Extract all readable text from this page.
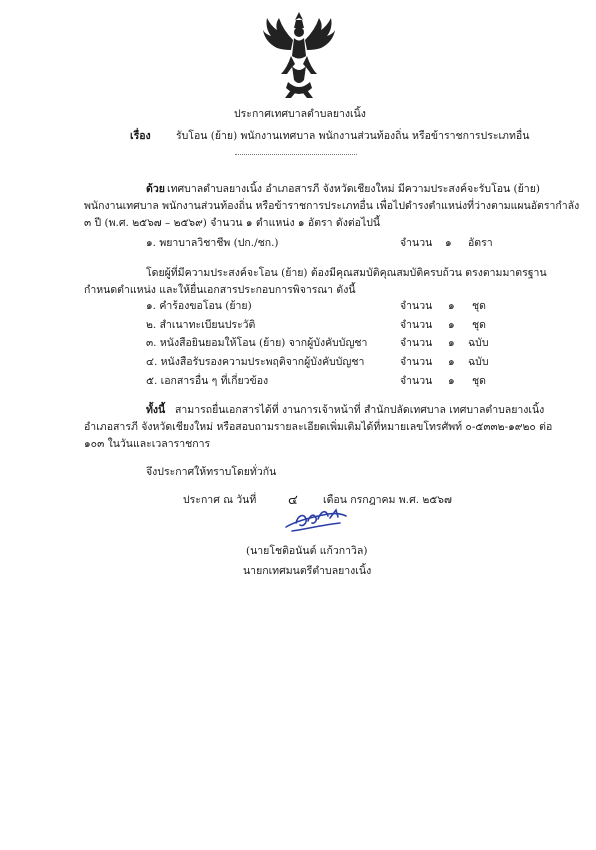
ประกาศเทศบาลตำบลยางเนิ้ง
เรื่อง รับโอน (ย้าย) พนักงานเทศบาล พนักงานส่วนท้องถิ่น หรือข้าราชการประเภทอื่น
ด้วย เทศบาลตำบลยางเนิ้ง อำเภอสารภี จังหวัดเชียงใหม่ มีความประสงค์จะรับโอน (ย้าย)
พนักงานเทศบาล พนักงานส่วนท้องถิ่น หรือข้าราชการประเภทอื่น เพื่อไปดำรงตำแหน่งที่ว่างตามแผนอัตรากำลัง
๓ ปี (พ.ศ. ๒๕๖๗ – ๒๕๖๙) จำนวน ๑ ตำแหน่ง ๑ อัตรา ดังต่อไปนี้
๑. พยาบาลวิชาชีพ (ปก./ชก.)	จำนวน ๑ อัตรา
โดยผู้ที่มีความประสงค์จะโอน (ย้าย) ต้องมีคุณสมบัติคุณสมบัติครบถ้วน ตรงตามมาตรฐาน
กำหนดตำแหน่ง และให้ยื่นเอกสารประกอบการพิจารณา ดังนี้
๑. คำร้องขอโอน (ย้าย)	จำนวน ๑ ชุด
๒. สำเนาทะเบียนประวัติ	จำนวน ๑ ชุด
๓. หนังสือยินยอมให้โอน (ย้าย) จากผู้บังคับบัญชา	จำนวน ๑ ฉบับ
๔. หนังสือรับรองความประพฤติจากผู้บังคับบัญชา	จำนวน ๑ ฉบับ
๕. เอกสารอื่น ๆ ที่เกี่ยวข้อง	จำนวน ๑ ชุด
ทั้งนี้ สามารถยื่นเอกสารได้ที่ งานการเจ้าหน้าที่ สำนักปลัดเทศบาล เทศบาลตำบลยางเนิ้ง
อำเภอสารภี จังหวัดเชียงใหม่ หรือสอบถามรายละเอียดเพิ่มเติมได้ที่หมายเลขโทรศัพท์ ๐-๕๓๓๒-๑๙๒๐ ต่อ
๑๐๓ ในวันและเวลาราชการ
จึงประกาศให้ทราบโดยทั่วกัน
ประกาศ ณ วันที่ ๔ เดือน กรกฎาคม พ.ศ. ๒๕๖๗
(นายโชติอนันต์ แก้วกาวิล)
นายกเทศมนตรีตำบลยางเนิ้ง
